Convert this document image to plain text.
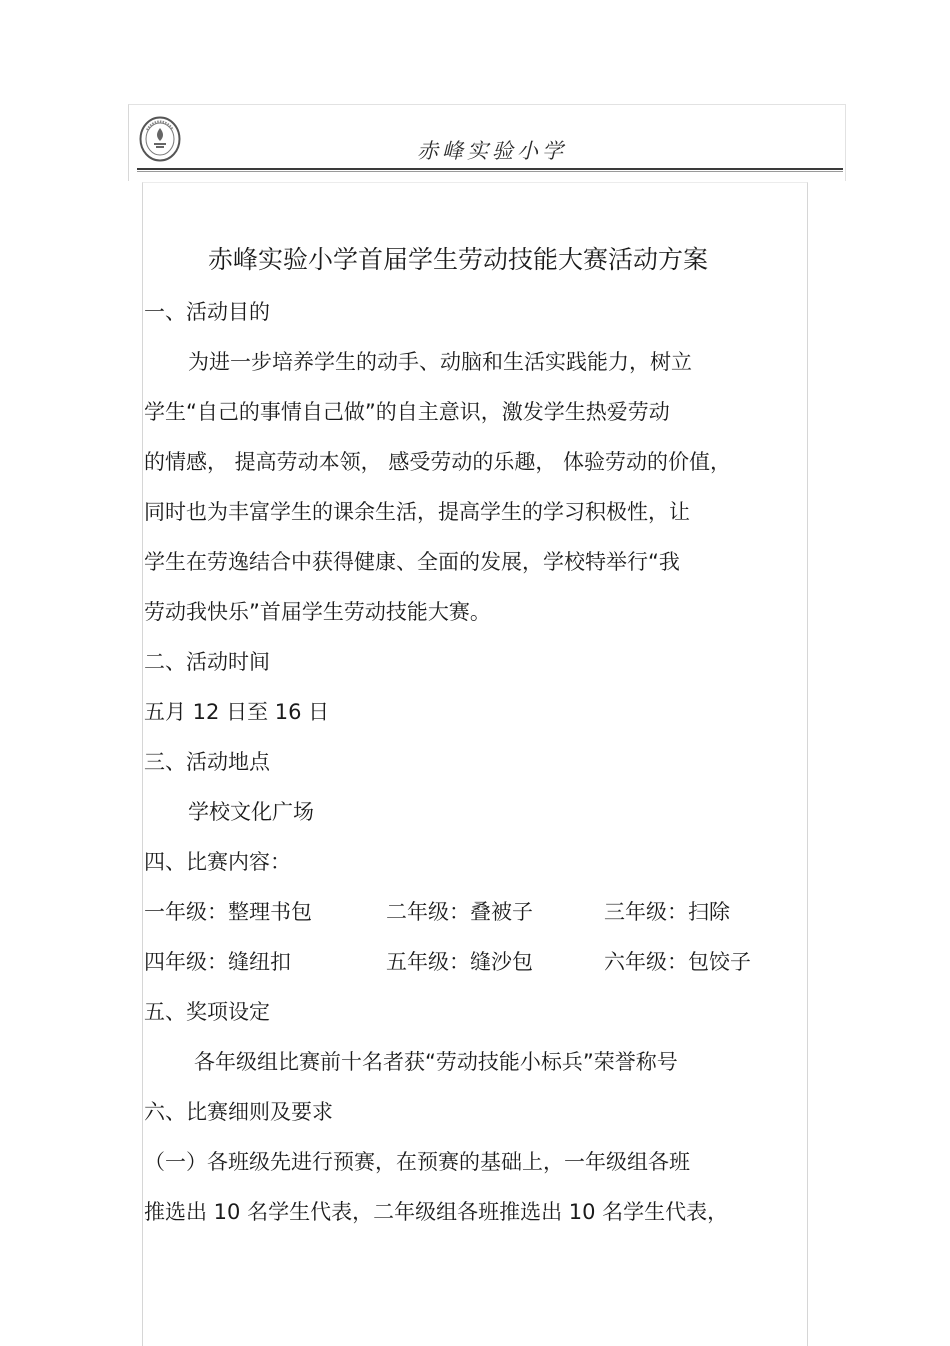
赤峰实验小学
赤峰实验小学首届学生劳动技能大赛活动方案
一、活动目的
为进一步培养学生的动手、动脑和生活实践能力，树立
学生“自己的事情自己做”的自主意识，激发学生热爱劳动
的情感， 提高劳动本领， 感受劳动的乐趣， 体验劳动的价值，
同时也为丰富学生的课余生活，提高学生的学习积极性，让
学生在劳逸结合中获得健康、全面的发展，学校特举行“我
劳动我快乐”首届学生劳动技能大赛。
二、活动时间
五月 12 日至 16 日
三、活动地点
学校文化广场
四、比赛内容：
一年级：整理书包	二年级：叠被子	三年级：扫除
四年级：缝纽扣	五年级：缝沙包	六年级：包饺子
五、奖项设定
各年级组比赛前十名者获“劳动技能小标兵”荣誉称号
六、比赛细则及要求
（一）各班级先进行预赛，在预赛的基础上，一年级组各班
推选出 10 名学生代表，二年级组各班推选出 10 名学生代表，
